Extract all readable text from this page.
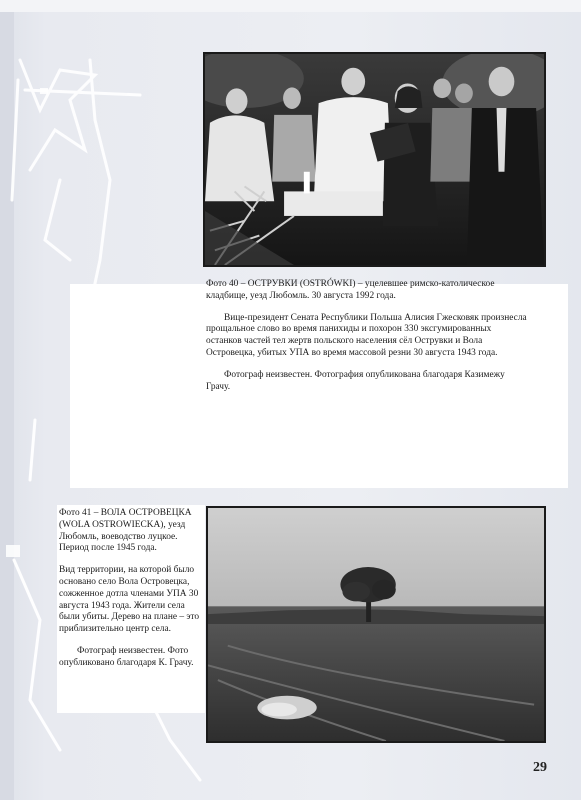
Фото 40 – ОСТРУВКИ (OSTRÓWKI) – уцелевшее римско-католическое кладбище, уезд Любомль. 30 августа 1992 года.

Вице-президент Сената Республики Польша Алисия Гжесковяк произнесла прощальное слово во время панихиды и похорон 330 эксгумированных останков частей тел жертв польского населения сёл Острувки и Вола Островецка, убитых УПА во время массовой резни 30 августа 1943 года.

Фотограф неизвестен. Фотография опубликована благодаря Казимежу Грачу.

Фото 41 – ВОЛА ОСТРОВЕЦКА (WOLA OSTROWIECKA), уезд Любомль, воеводство луцкое. Период после 1945 года.

Вид территории, на которой было основано село Вола Островецка, сожженное дотла членами УПА 30 августа 1943 года. Жители села были убиты. Дерево на плане – это приблизительно центр села.

Фотограф неизвестен. Фото опубликовано благодаря К. Грачу.

29
